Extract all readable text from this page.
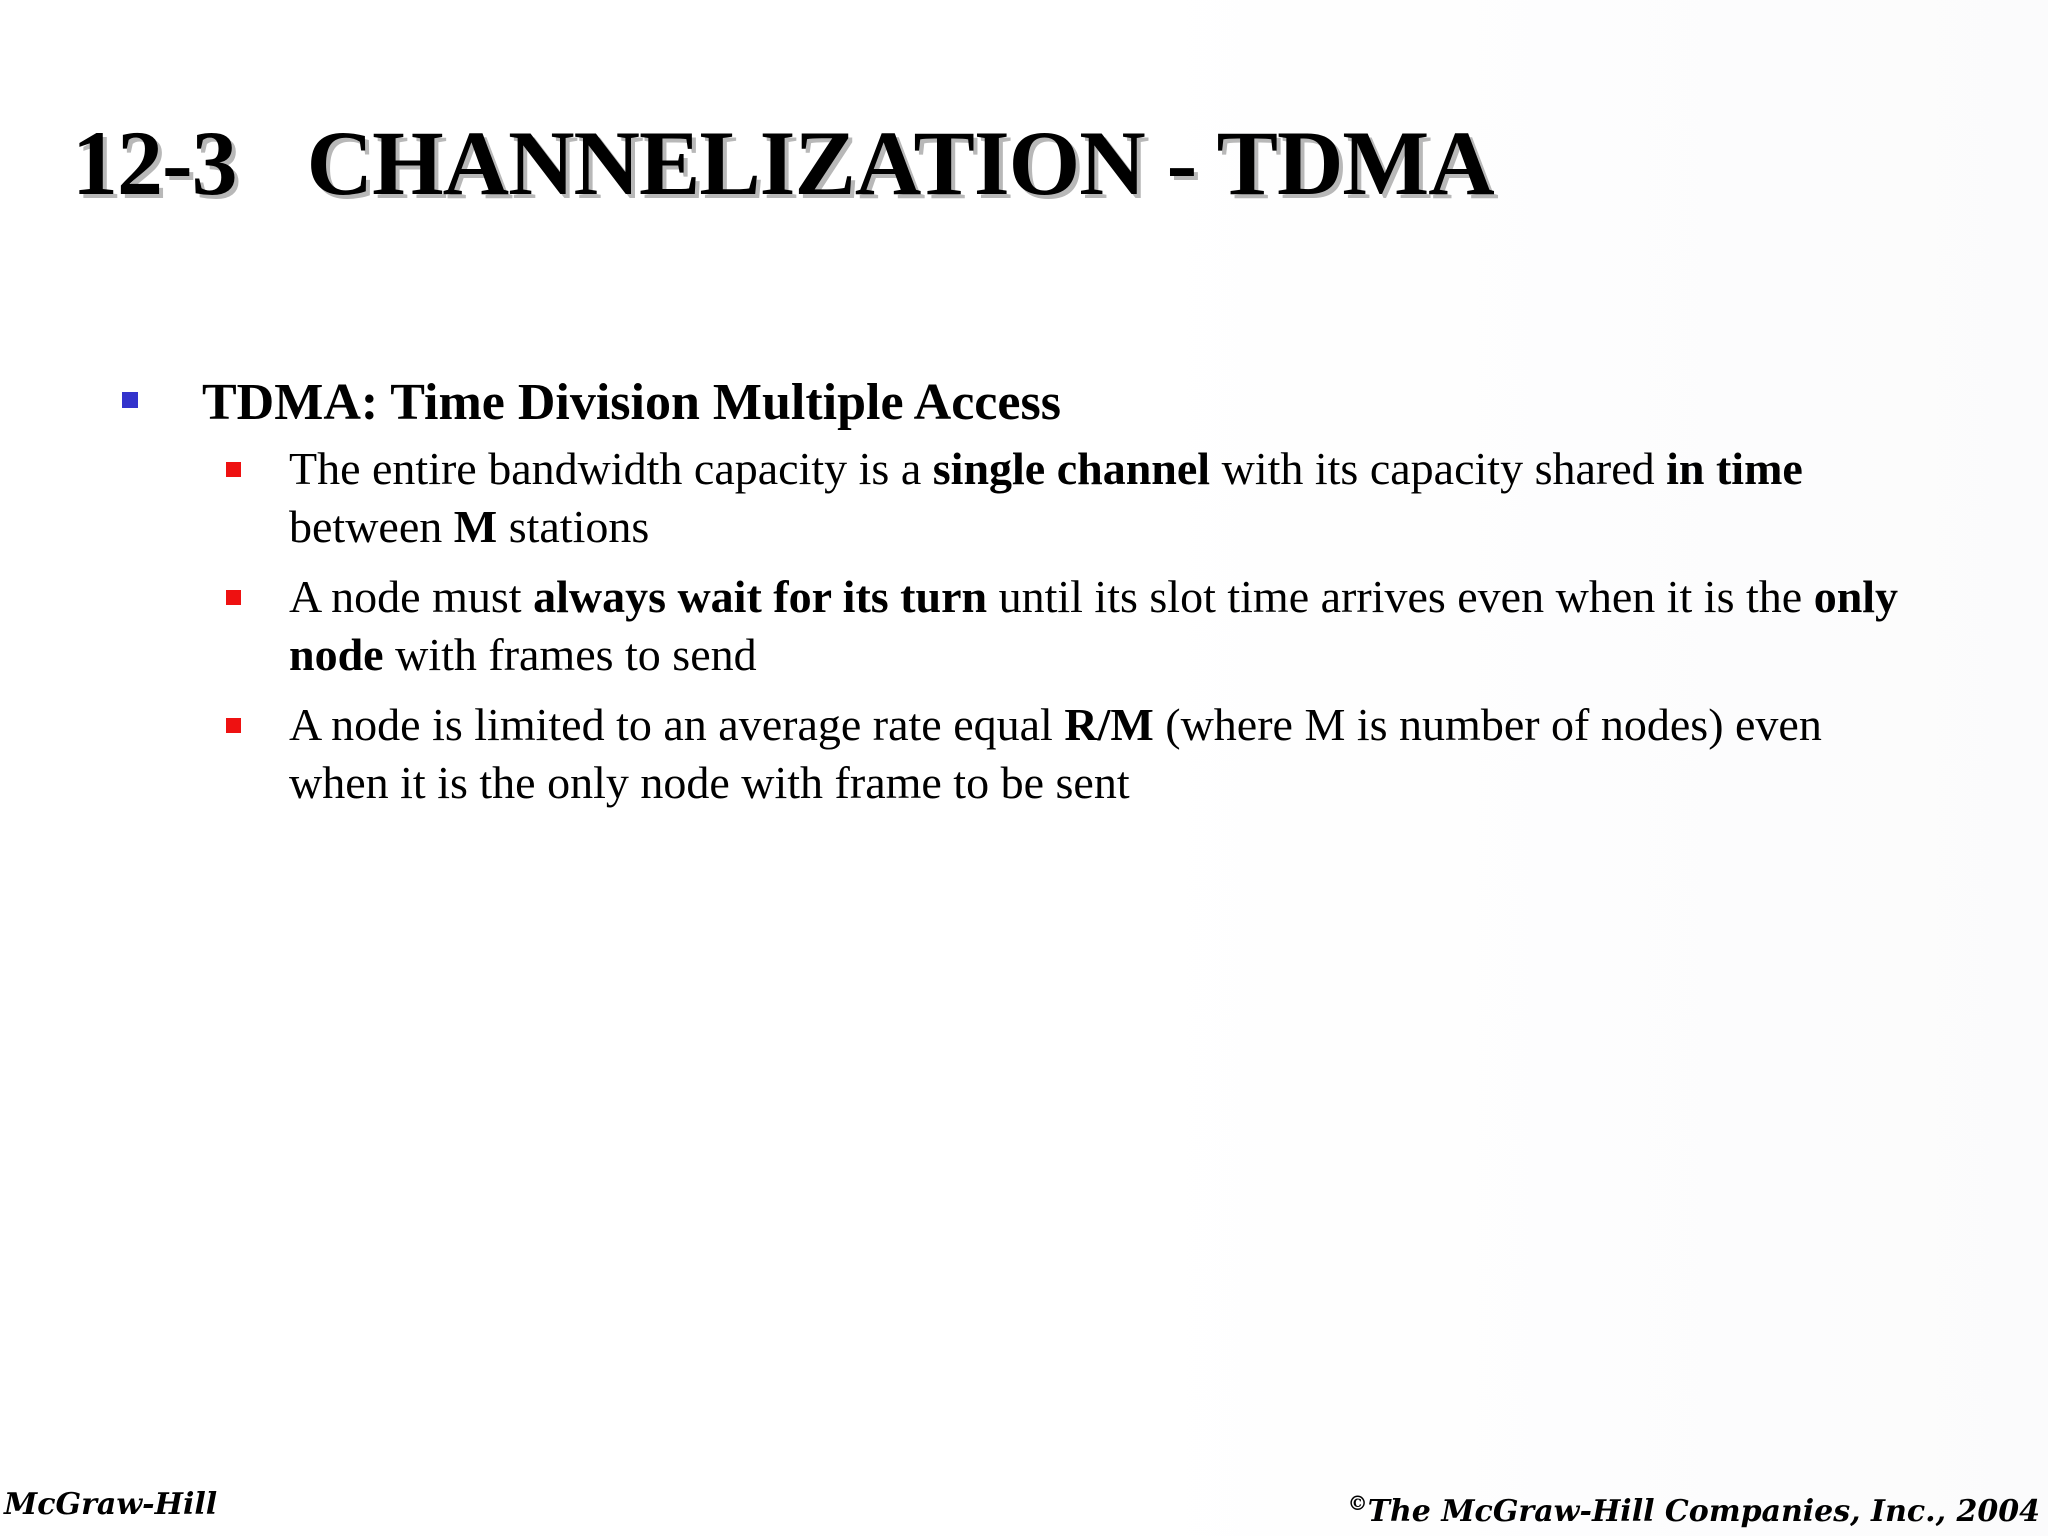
12-3 CHANNELIZATION - TDMA
TDMA: Time Division Multiple Access
The entire bandwidth capacity is a single channel with its capacity shared in time between M stations
A node must always wait for its turn until its slot time arrives even when it is the only node with frames to send
A node is limited to an average rate equal R/M (where M is number of nodes) even when it is the only node with frame to be sent
McGraw-Hill	©The McGraw-Hill Companies, Inc., 2004
